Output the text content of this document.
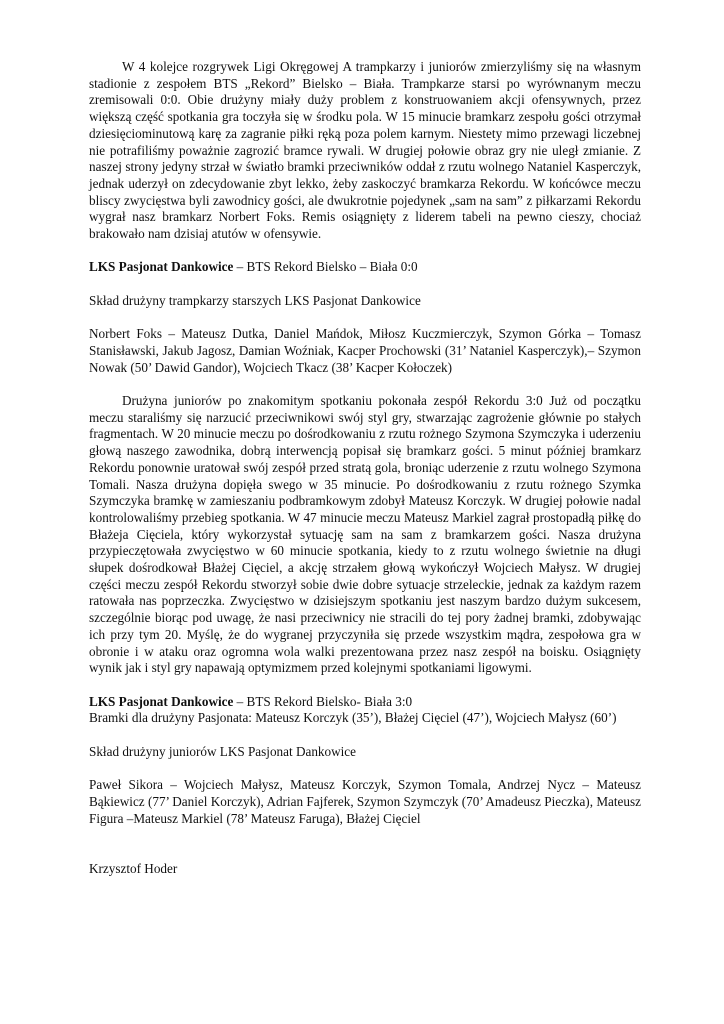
W 4 kolejce rozgrywek Ligi Okręgowej A trampkarzy i juniorów zmierzyliśmy się na własnym stadionie z zespołem BTS „Rekord” Bielsko – Biała. Trampkarze starsi po wyrównanym meczu zremisowali 0:0. Obie drużyny miały duży problem z konstruowaniem akcji ofensywnych, przez większą część spotkania gra toczyła się w środku pola. W 15 minucie bramkarz zespołu gości otrzymał dziesięciominutową karę za zagranie piłki ręką poza polem karnym. Niestety mimo przewagi liczebnej nie potrafiliśmy poważnie zagrozić bramce rywali. W drugiej połowie obraz gry nie uległ zmianie. Z naszej strony jedyny strzał w światło bramki przeciwników oddał z rzutu wolnego Nataniel Kasperczyk, jednak uderzył on zdecydowanie zbyt lekko, żeby zaskoczyć bramkarza Rekordu. W końcówce meczu bliscy zwycięstwa byli zawodnicy gości, ale dwukrotnie pojedynek „sam na sam” z piłkarzami Rekordu wygrał nasz bramkarz Norbert Foks. Remis osiągnięty z liderem tabeli na pewno cieszy, chociaż brakowało nam dzisiaj atutów w ofensywie.

LKS Pasjonat Dankowice – BTS Rekord Bielsko – Biała 0:0

Skład drużyny trampkarzy starszych LKS Pasjonat Dankowice

Norbert Foks – Mateusz Dutka, Daniel Mańdok, Miłosz Kuczmierczyk, Szymon Górka – Tomasz Stanisławski, Jakub Jagosz, Damian Woźniak, Kacper Prochowski (31’ Nataniel Kasperczyk),– Szymon Nowak (50’ Dawid Gandor), Wojciech Tkacz (38’ Kacper Kołoczek)

Drużyna juniorów po znakomitym spotkaniu pokonała zespół Rekordu 3:0 Już od początku meczu staraliśmy się narzucić przeciwnikowi swój styl gry, stwarzając zagrożenie głównie po stałych fragmentach. W 20 minucie meczu po dośrodkowaniu z rzutu rożnego Szymona Szymczyka i uderzeniu głową naszego zawodnika, dobrą interwencją popisał się bramkarz gości. 5 minut później bramkarz Rekordu ponownie uratował swój zespół przed stratą gola, broniąc uderzenie z rzutu wolnego Szymona Tomali. Nasza drużyna dopięła swego w 35 minucie. Po dośrodkowaniu z rzutu rożnego Szymka Szymczyka bramkę w zamieszaniu podbramkowym zdobył Mateusz Korczyk. W drugiej połowie nadal kontrolowaliśmy przebieg spotkania. W 47 minucie meczu Mateusz Markiel zagrał prostopadłą piłkę do Błażeja Cięciela, który wykorzystał sytuację sam na sam z bramkarzem gości. Nasza drużyna przypieczętowała zwycięstwo w 60 minucie spotkania, kiedy to z rzutu wolnego świetnie na długi słupek dośrodkował Błażej Cięciel, a akcję strzałem głową wykończył Wojciech Małysz. W drugiej części meczu zespół Rekordu stworzył sobie dwie dobre sytuacje strzeleckie, jednak za każdym razem ratowała nas poprzeczka. Zwycięstwo w dzisiejszym spotkaniu jest naszym bardzo dużym sukcesem, szczególnie biorąc pod uwagę, że nasi przeciwnicy nie stracili do tej pory żadnej bramki, zdobywając ich przy tym 20. Myślę, że do wygranej przyczyniła się przede wszystkim mądra, zespołowa gra w obronie i w ataku oraz ogromna wola walki prezentowana przez nasz zespół na boisku. Osiągnięty wynik jak i styl gry napawają optymizmem przed kolejnymi spotkaniami ligowymi.

LKS Pasjonat Dankowice – BTS Rekord Bielsko- Biała 3:0

Bramki dla drużyny Pasjonata: Mateusz Korczyk (35’), Błażej Cięciel (47’), Wojciech Małysz (60’)

Skład drużyny juniorów LKS Pasjonat Dankowice

Paweł Sikora – Wojciech Małysz, Mateusz Korczyk, Szymon Tomala, Andrzej Nycz – Mateusz Bąkiewicz (77’ Daniel Korczyk), Adrian Fajferek, Szymon Szymczyk (70’ Amadeusz Pieczka), Mateusz Figura –Mateusz Markiel (78’ Mateusz Faruga), Błażej Cięciel

Krzysztof Hoder
